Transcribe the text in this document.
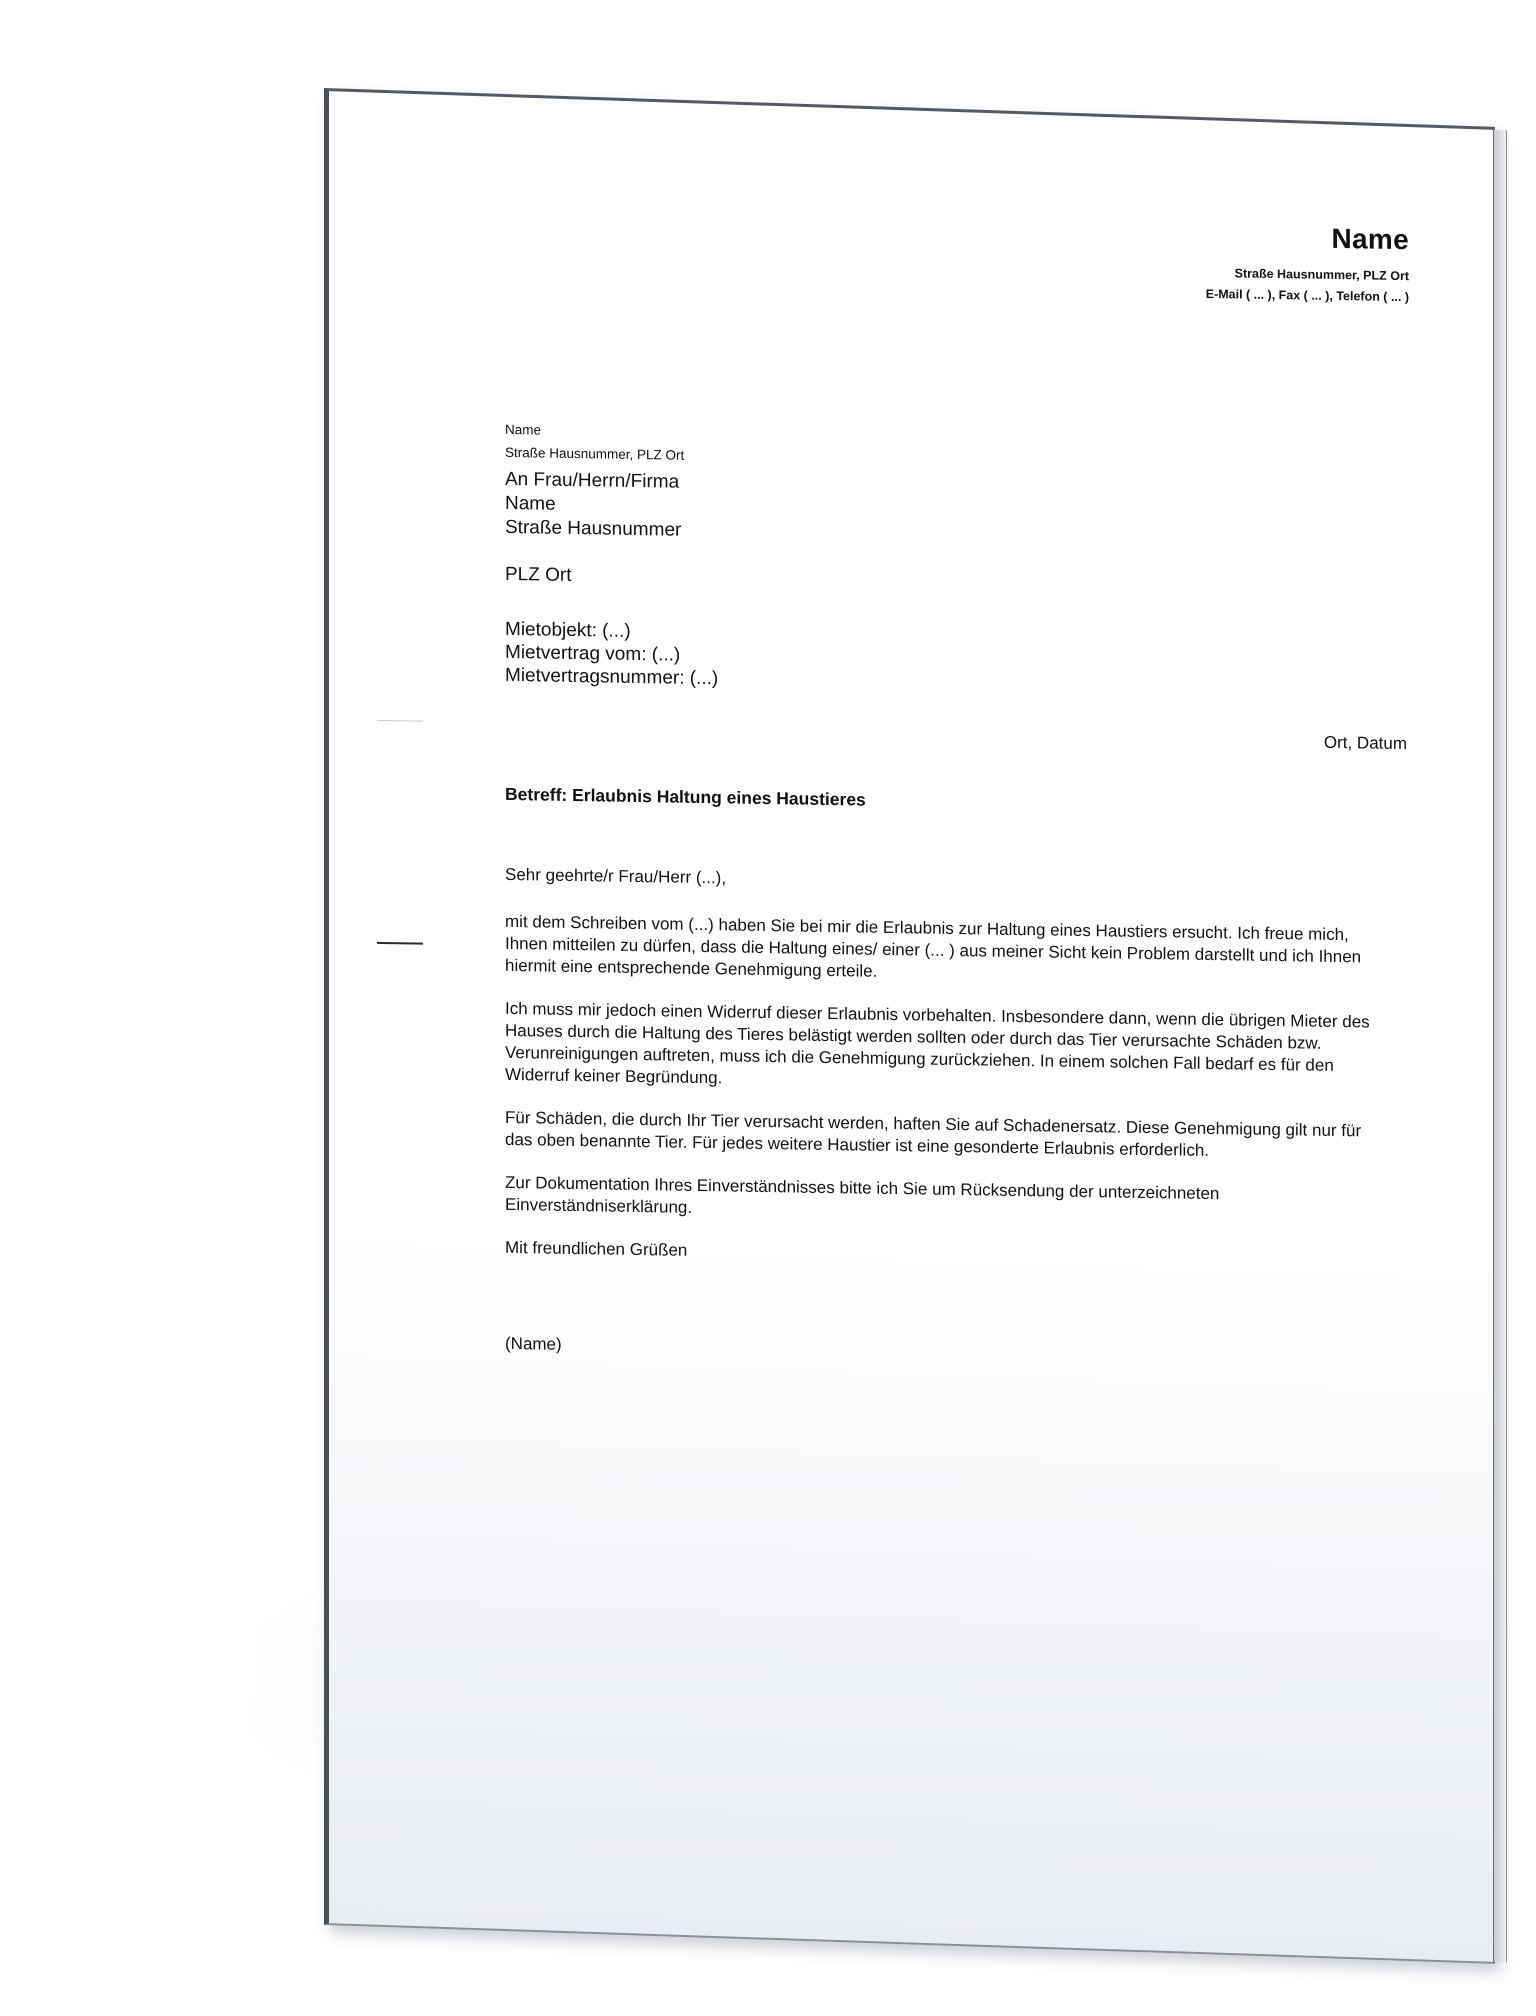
Name
Straße Hausnummer, PLZ Ort
E-Mail ( ... ), Fax ( ... ), Telefon ( ... )
Name
Straße Hausnummer, PLZ Ort
An Frau/Herrn/Firma
Name
Straße Hausnummer
PLZ Ort
Mietobjekt: (...)
Mietvertrag vom: (...)
Mietvertragsnummer: (...)
Ort, Datum
Betreff: Erlaubnis Haltung eines Haustieres

Sehr geehrte/r Frau/Herr (...),

mit dem Schreiben vom (...) haben Sie bei mir die Erlaubnis zur Haltung eines Haustiers ersucht. Ich freue mich, Ihnen mitteilen zu dürfen, dass die Haltung eines/ einer (... ) aus meiner Sicht kein Problem darstellt und ich Ihnen hiermit eine entsprechende Genehmigung erteile.

Ich muss mir jedoch einen Widerruf dieser Erlaubnis vorbehalten. Insbesondere dann, wenn die übrigen Mieter des Hauses durch die Haltung des Tieres belästigt werden sollten oder durch das Tier verursachte Schäden bzw. Verunreinigungen auftreten, muss ich die Genehmigung zurückziehen. In einem solchen Fall bedarf es für den Widerruf keiner Begründung.

Für Schäden, die durch Ihr Tier verursacht werden, haften Sie auf Schadenersatz. Diese Genehmigung gilt nur für das oben benannte Tier. Für jedes weitere Haustier ist eine gesonderte Erlaubnis erforderlich.

Zur Dokumentation Ihres Einverständnisses bitte ich Sie um Rücksendung der unterzeichneten Einverständniserklärung.

Mit freundlichen Grüßen

(Name)
